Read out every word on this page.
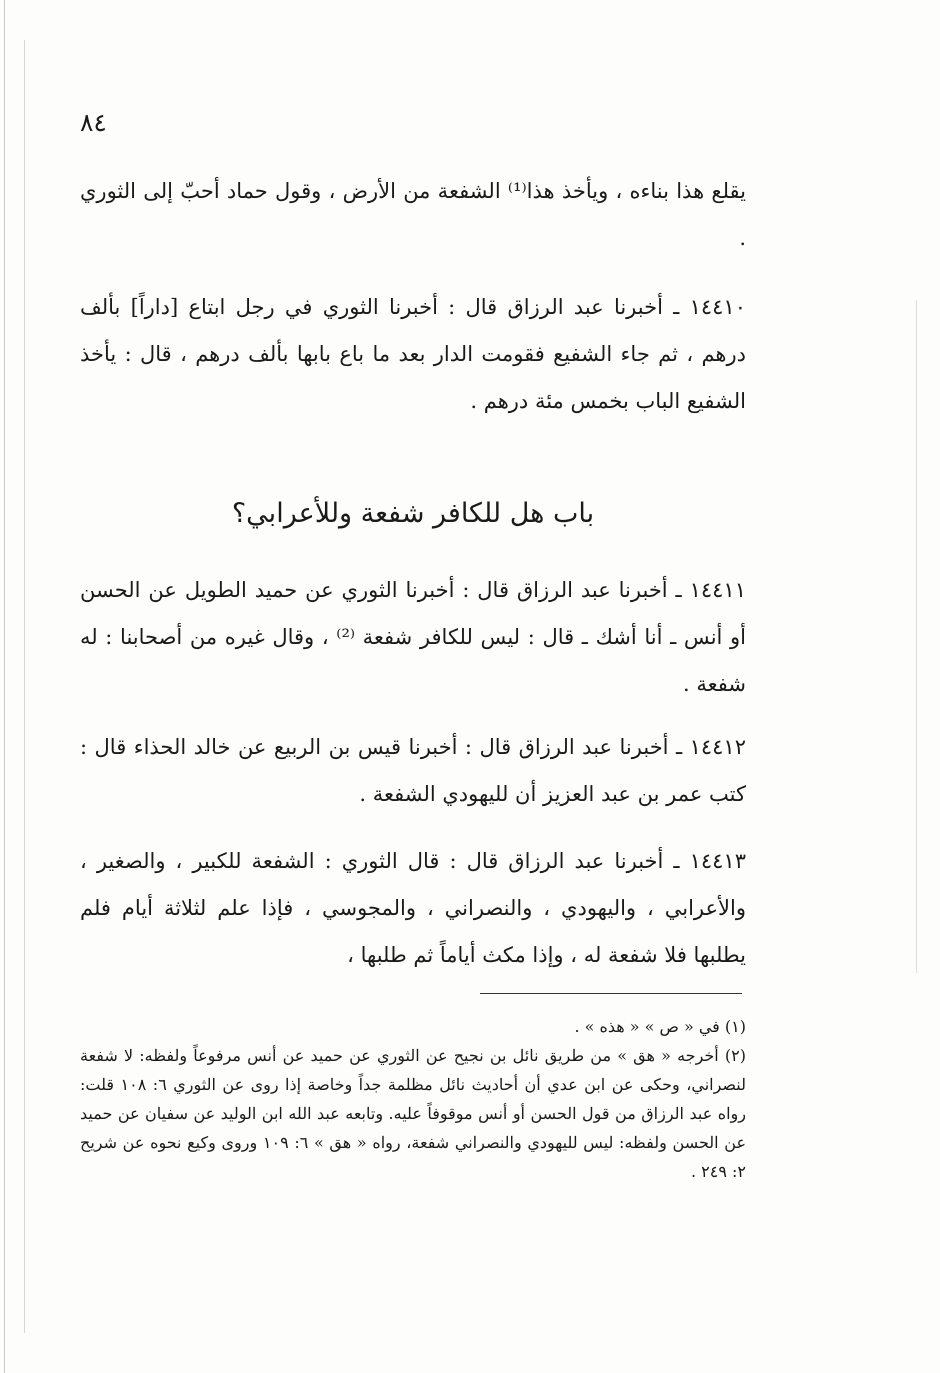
٨٤
يقلع هذا بناءه ، ويأخذ هذا⁽¹⁾ الشفعة من الأرض ، وقول حماد أحبّ إلى الثوري .
١٤٤١٠ ـ أخبرنا عبد الرزاق قال : أخبرنا الثوري في رجل ابتاع [داراً] بألف درهم ، ثم جاء الشفيع فقومت الدار بعد ما باع بابها بألف درهم ، قال : يأخذ الشفيع الباب بخمس مئة درهم .
باب هل للكافر شفعة وللأعرابي؟
١٤٤١١ ـ أخبرنا عبد الرزاق قال : أخبرنا الثوري عن حميد الطويل عن الحسن أو أنس ـ أنا أشك ـ قال : ليس للكافر شفعة ⁽²⁾ ، وقال غيره من أصحابنا : له شفعة .
١٤٤١٢ ـ أخبرنا عبد الرزاق قال : أخبرنا قيس بن الربيع عن خالد الحذاء قال : كتب عمر بن عبد العزيز أن لليهودي الشفعة .
١٤٤١٣ ـ أخبرنا عبد الرزاق قال : قال الثوري : الشفعة للكبير ، والصغير ، والأعرابي ، واليهودي ، والنصراني ، والمجوسي ، فإذا علم لثلاثة أيام فلم يطلبها فلا شفعة له ، وإذا مكث أياماً ثم طلبها ،

(١) في « ص » « هذه » .

(٢) أخرجه « هق » من طريق نائل بن نجيح عن الثوري عن حميد عن أنس مرفوعاً ولفظه: لا شفعة لنصراني، وحكى عن ابن عدي أن أحاديث نائل مظلمة جداً وخاصة إذا روى عن الثوري ٦: ١٠٨ قلت: رواه عبد الرزاق من قول الحسن أو أنس موقوفاً عليه. وتابعه عبد الله ابن الوليد عن سفيان عن حميد عن الحسن ولفظه: ليس لليهودي والنصراني شفعة، رواه « هق » ٦: ١٠٩ وروى وكيع نحوه عن شريح ٢: ٢٤٩ .
